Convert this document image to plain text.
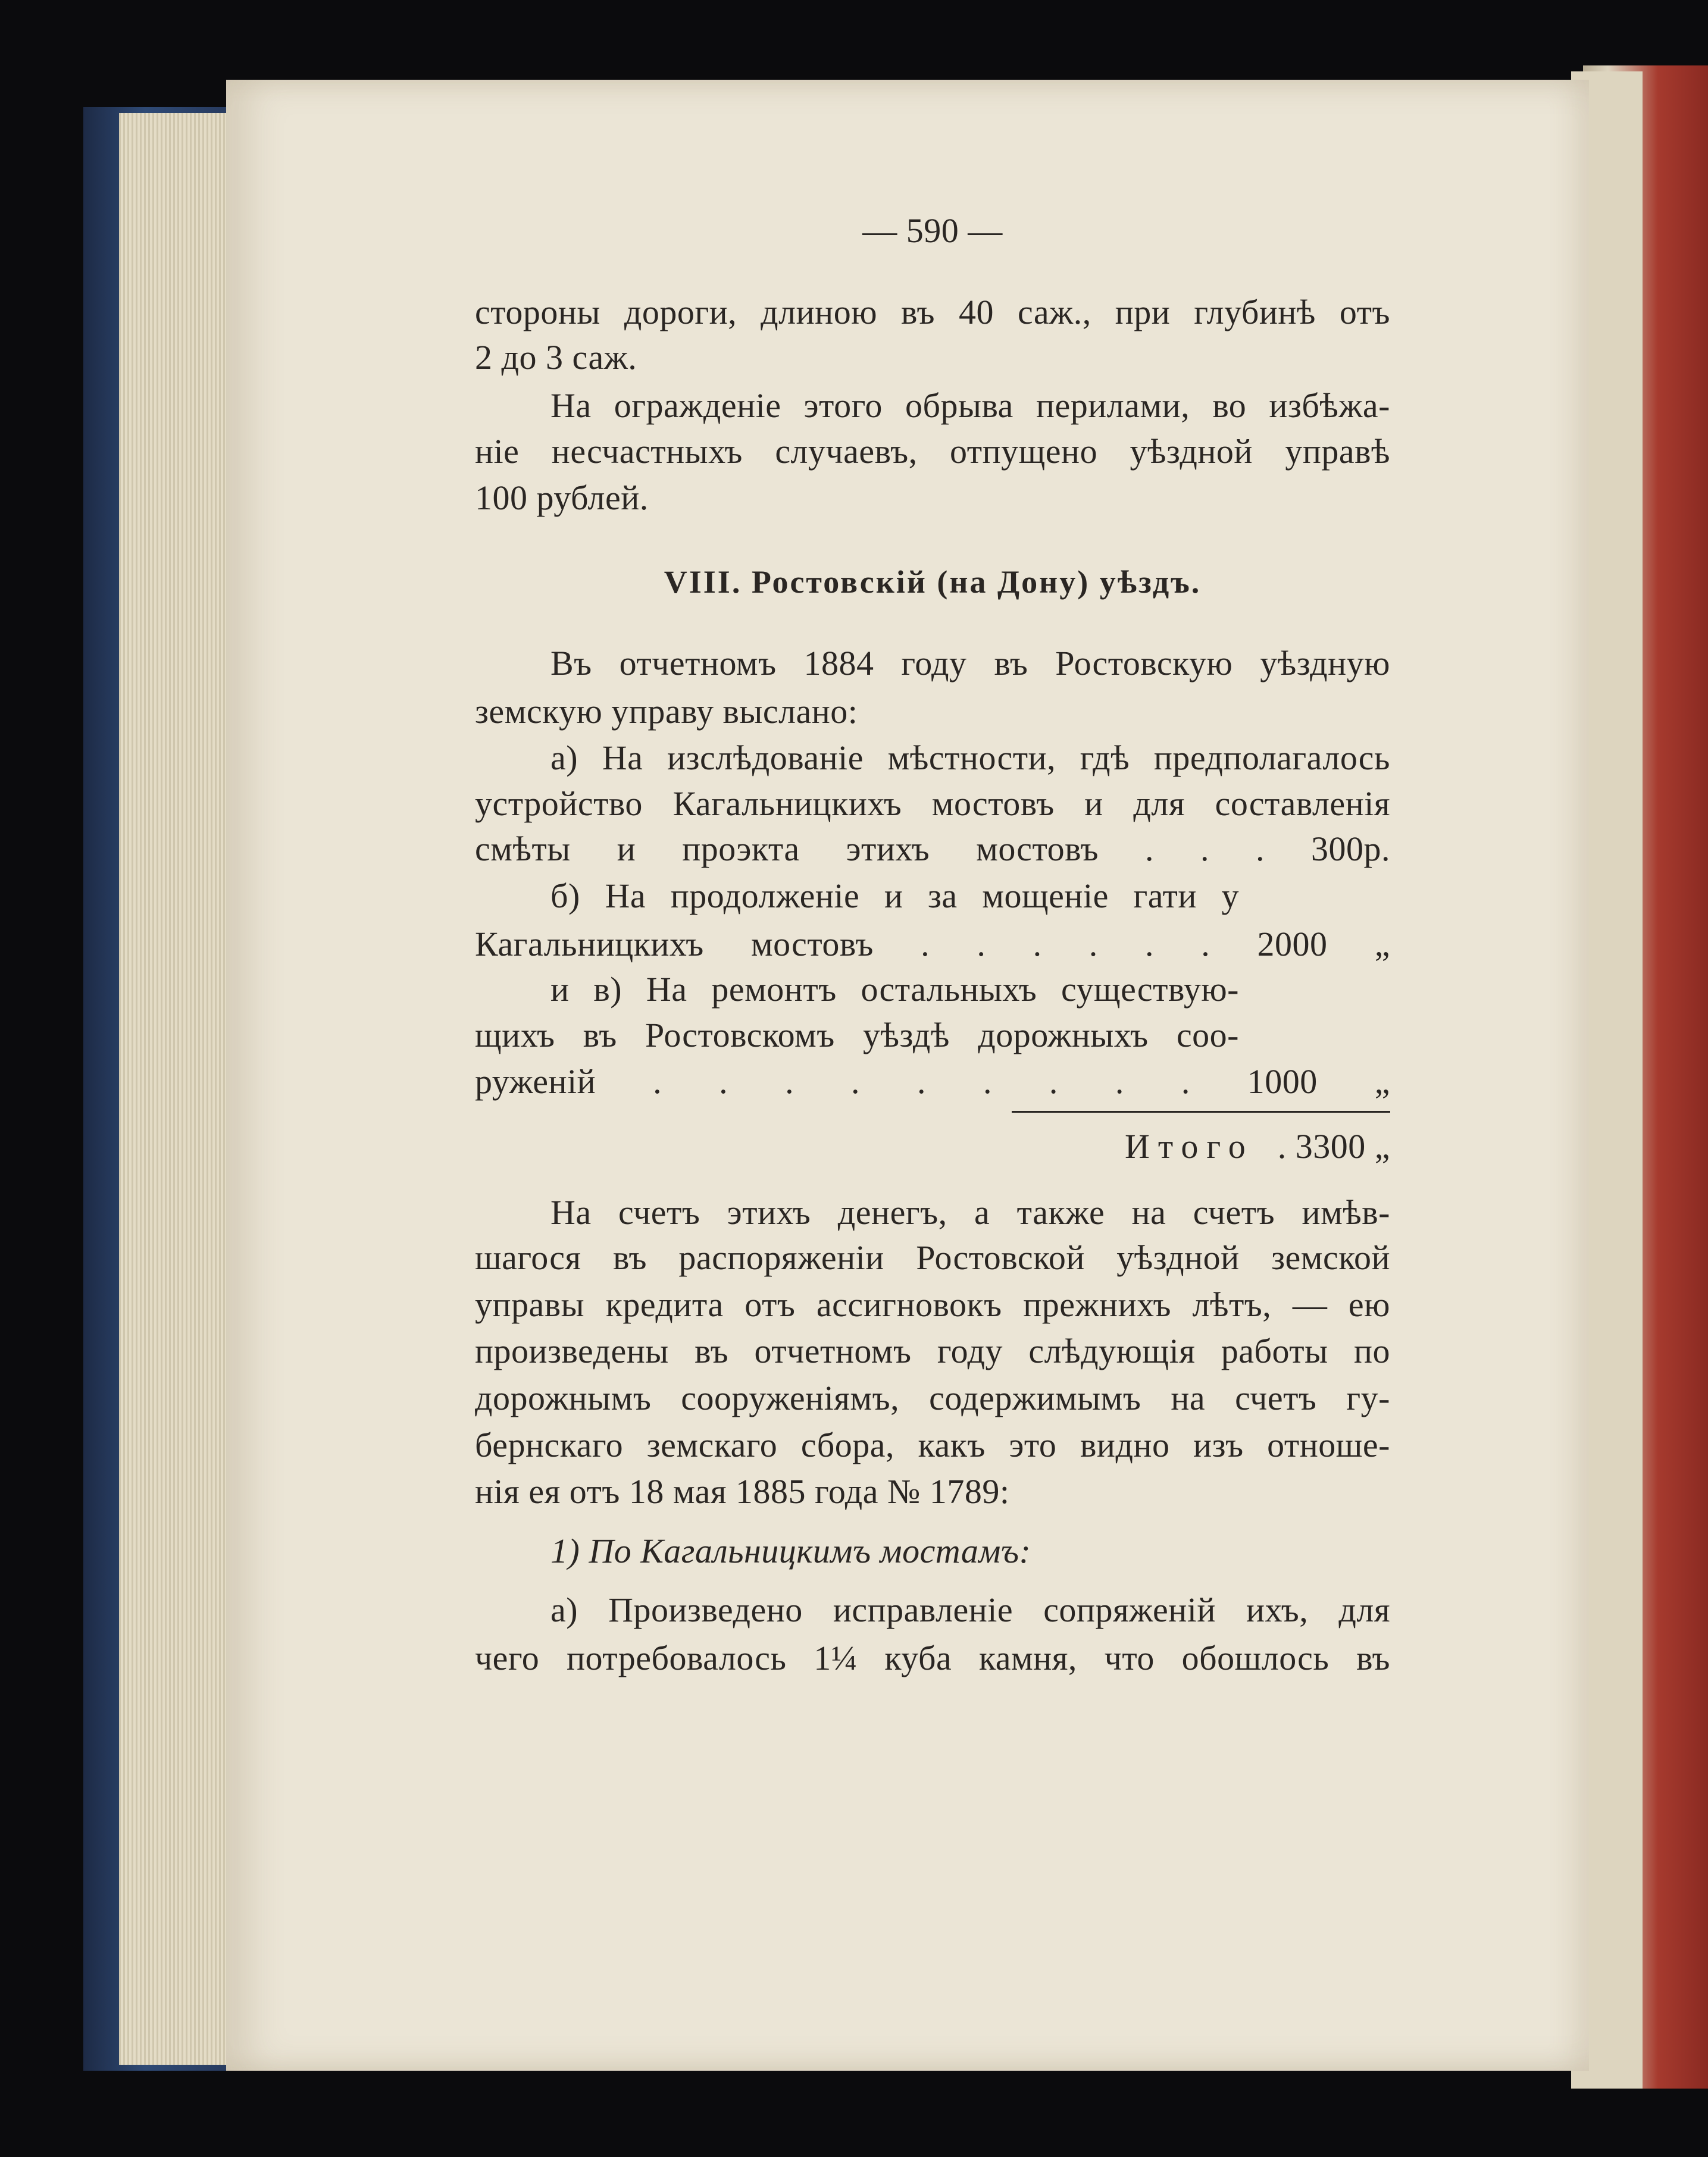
— 590 —
стороны дороги, длиною въ 40 саж., при глубинѣ отъ
2 до 3 саж.
На огражденіе этого обрыва перилами, во избѣжа-
ніе несчастныхъ случаевъ, отпущено уѣздной управѣ
100 рублей.
VIII. Ростовскій (на Дону) уѣздъ.
Въ отчетномъ 1884 году въ Ростовскую уѣздную
земскую управу выслано:
а) На изслѣдованіе мѣстности, гдѣ предполагалось
устройство Кагальницкихъ мостовъ и для составленія
смѣты и проэкта этихъ мостовъ . . . 300р.
б) На продолженіе и за мощеніе гати у
Кагальницкихъ мостовъ . . . . . . 2000 „
и в) На ремонтъ остальныхъ существую-
щихъ въ Ростовскомъ уѣздѣ дорожныхъ соо-
руженій . . . . . . . . . 1000 „
Итого . 3300 „
На счетъ этихъ денегъ, а также на счетъ имѣв-
шагося въ распоряженіи Ростовской уѣздной земской
управы кредита отъ ассигновокъ прежнихъ лѣтъ, — ею
произведены въ отчетномъ году слѣдующія работы по
дорожнымъ сооруженіямъ, содержимымъ на счетъ гу-
бернскаго земскаго сбора, какъ это видно изъ отноше-
нія ея отъ 18 мая 1885 года № 1789:
1) По Кагальницкимъ мостамъ:
а) Произведено исправленіе сопряженій ихъ, для
чего потребовалось 1¼ куба камня, что обошлось въ
